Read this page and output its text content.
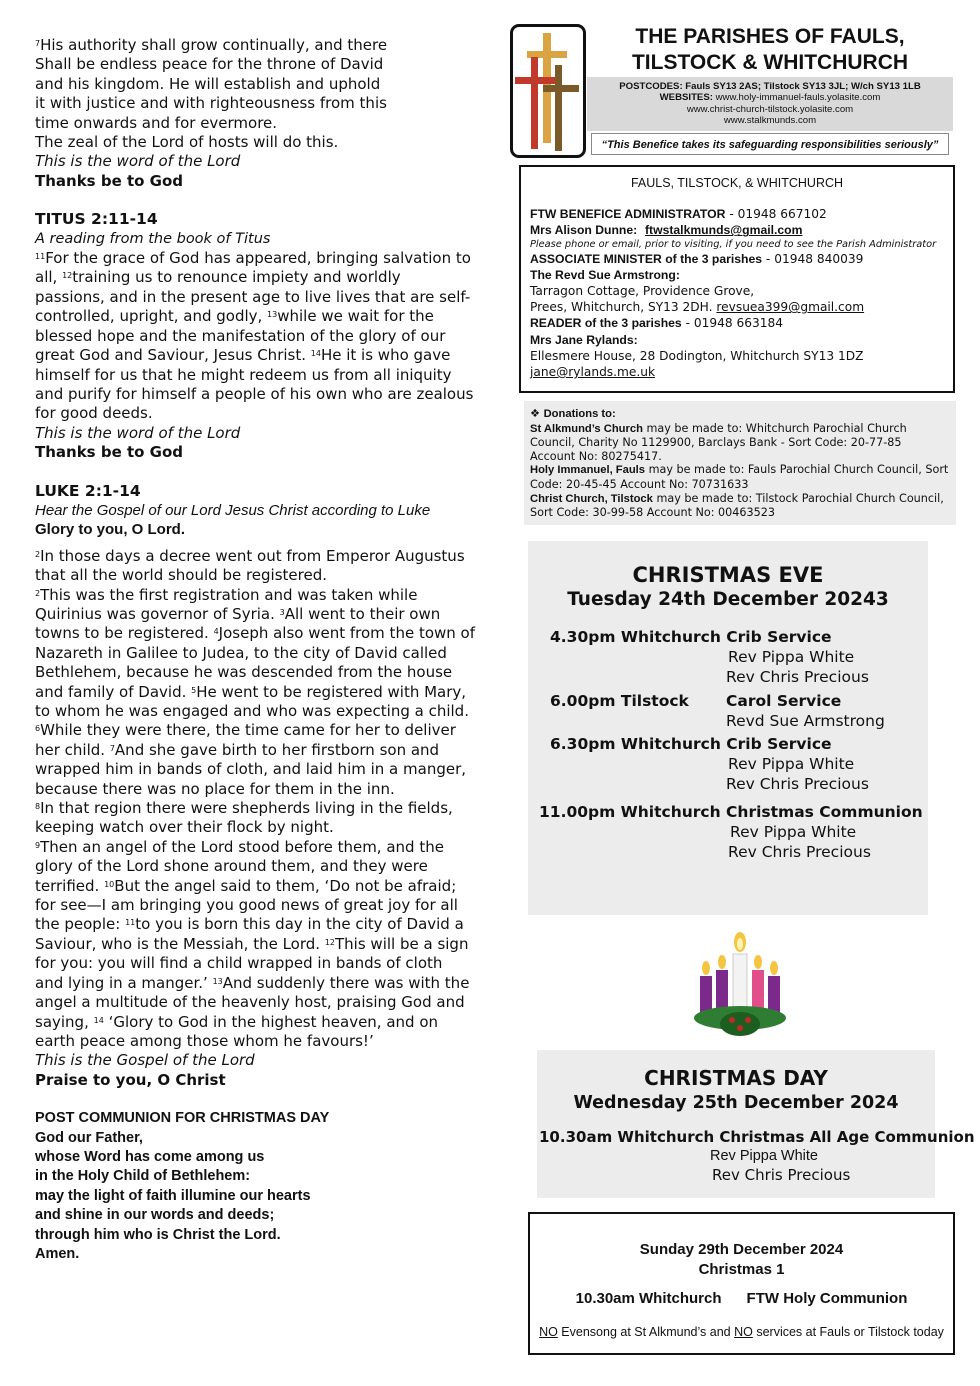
$^7$His authority shall grow continually, and there
Shall be endless peace for the throne of David
and his kingdom. He will establish and uphold
it with justice and with righteousness from this
time onwards and for evermore.
The zeal of the Lord of hosts will do this.

This is the word of the Lord

Thanks be to God

TITUS 2:11-14

A reading from the book of Titus

$^{11}$For the grace of God has appeared, bringing salvation to all, $^{12}$training us to renounce impiety and worldly passions, and in the present age to live lives that are self-controlled, upright, and godly, $^{13}$while we wait for the blessed hope and the manifestation of the glory of our great God and Saviour, Jesus Christ. $^{14}$He it is who gave himself for us that he might redeem us from all iniquity and purify for himself a people of his own who are zealous for good deeds.

This is the word of the Lord

Thanks be to God

LUKE 2:1-14

Hear the Gospel of our Lord Jesus Christ according to Luke

Glory to you, O Lord.

$^2$In those days a decree went out from Emperor Augustus that all the world should be registered.
$^2$This was the first registration and was taken while Quirinius was governor of Syria. $^3$All went to their own towns to be registered. $^4$Joseph also went from the town of Nazareth in Galilee to Judea, to the city of David called Bethlehem, because he was descended from the house and family of David. $^5$He went to be registered with Mary, to whom he was engaged and who was expecting a child. $^6$While they were there, the time came for her to deliver her child. $^7$And she gave birth to her firstborn son and wrapped him in bands of cloth, and laid him in a manger, because there was no place for them in the inn.
$^8$In that region there were shepherds living in the fields, keeping watch over their flock by night.
$^9$Then an angel of the Lord stood before them, and the glory of the Lord shone around them, and they were terrified. $^{10}$But the angel said to them, ‘Do not be afraid; for see—I am bringing you good news of great joy for all the people: $^{11}$to you is born this day in the city of David a Saviour, who is the Messiah, the Lord. $^{12}$This will be a sign for you: you will find a child wrapped in bands of cloth and lying in a manger.’ $^{13}$And suddenly there was with the angel a multitude of the heavenly host, praising God and saying, $^{14}$ ‘Glory to God in the highest heaven, and on earth peace among those whom he favours!’

This is the Gospel of the Lord

Praise to you, O Christ

POST COMMUNION FOR CHRISTMAS DAY

God our Father,

whose Word has come among us

in the Holy Child of Bethlehem:

may the light of faith illumine our hearts

and shine in our words and deeds;

through him who is Christ the Lord.

Amen.

THE PARISHES OF FAULS,
TILSTOCK & WHITCHURCH
POSTCODES: Fauls SY13 2AS; Tilstock SY13 3JL; W/ch SY13 1LB
WEBSITES: www.holy-immanuel-fauls.yolasite.com
www.christ-church-tilstock.yolasite.com
www.stalkmunds.com
“This Benefice takes its safeguarding responsibilities seriously”
FAULS, TILSTOCK, & WHITCHURCH
FTW BENEFICE ADMINISTRATOR - 01948 667102
Mrs Alison Dunne: ftwstalkmunds@gmail.com
Please phone or email, prior to visiting, if you need to see the Parish Administrator
ASSOCIATE MINISTER of the 3 parishes - 01948 840039
The Revd Sue Armstrong:
Tarragon Cottage, Providence Grove,
Prees, Whitchurch, SY13 2DH. revsuea399@gmail.com
READER of the 3 parishes - 01948 663184
Mrs Jane Rylands:
Ellesmere House, 28 Dodington, Whitchurch SY13 1DZ
jane@rylands.me.uk
❖ Donations to:
St Alkmund’s Church may be made to: Whitchurch Parochial Church Council, Charity No 1129900, Barclays Bank - Sort Code: 20-77-85 Account No: 80275417.
Holy Immanuel, Fauls may be made to: Fauls Parochial Church Council, Sort Code: 20-45-45 Account No: 70731633
Christ Church, Tilstock may be made to: Tilstock Parochial Church Council, Sort Code: 30-99-58 Account No: 00463523
CHRISTMAS EVE
Tuesday 24th December 20243
4.30pm Whitchurch Crib Service
Rev Pippa White
Rev Chris Precious
6.00pm Tilstock Carol Service
Revd Sue Armstrong
6.30pm Whitchurch Crib Service
Rev Pippa White
Rev Chris Precious
11.00pm Whitchurch Christmas Communion
Rev Pippa White
Rev Chris Precious
CHRISTMAS DAY
Wednesday 25th December 2024
10.30am Whitchurch Christmas All Age Communion
Rev Pippa White
Rev Chris Precious
Sunday 29th December 2024
Christmas 1
10.30am Whitchurch FTW Holy Communion
NO Evensong at St Alkmund’s and NO services at Fauls or Tilstock today
